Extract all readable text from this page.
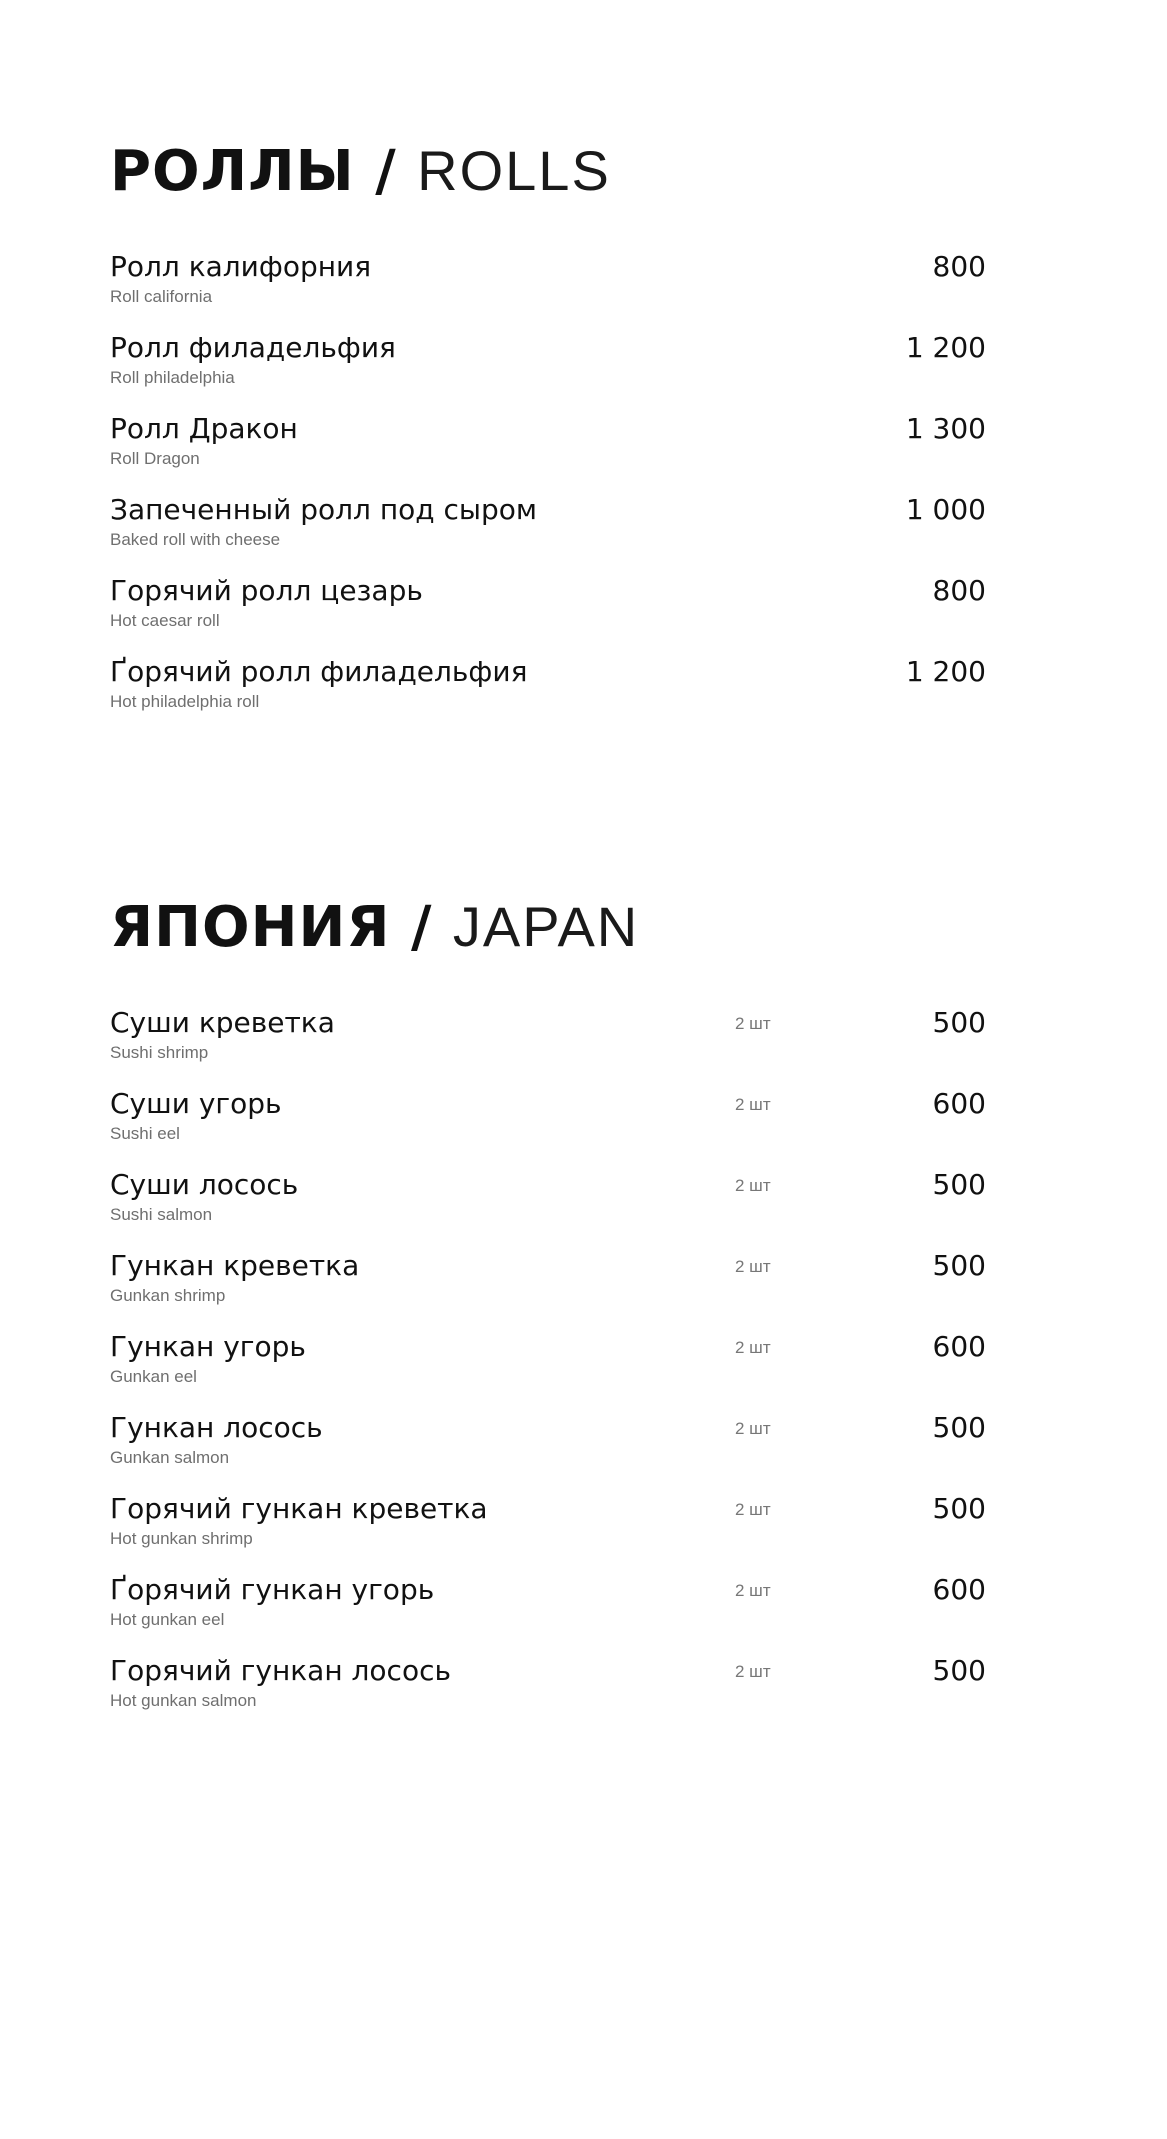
РОЛЛЫ / ROLLS
Ролл калифорния
Roll california
800
Ролл филадельфия
Roll philadelphia
1 200
Ролл Дракон
Roll Dragon
1 300
Запеченный ролл под сыром
Baked roll with cheese
1 000
Горячий ролл цезарь
Hot caesar roll
800
Ґорячий ролл филадельфия
Hot philadelphia roll
1 200
ЯПОНИЯ / JAPAN
Суши креветка
Sushi shrimp
2 шт	500
Суши угорь
Sushi eel
2 шт	600
Суши лосось
Sushi salmon
2 шт	500
Гункан креветка
Gunkan shrimp
2 шт	500
Гункан угорь
Gunkan eel
2 шт	600
Гункан лосось
Gunkan salmon
2 шт	500
Горячий гункан креветка
Hot gunkan shrimp
2 шт	500
Ґорячий гункан угорь
Hot gunkan eel
2 шт	600
Горячий гункан лосось
Hot gunkan salmon
2 шт	500
